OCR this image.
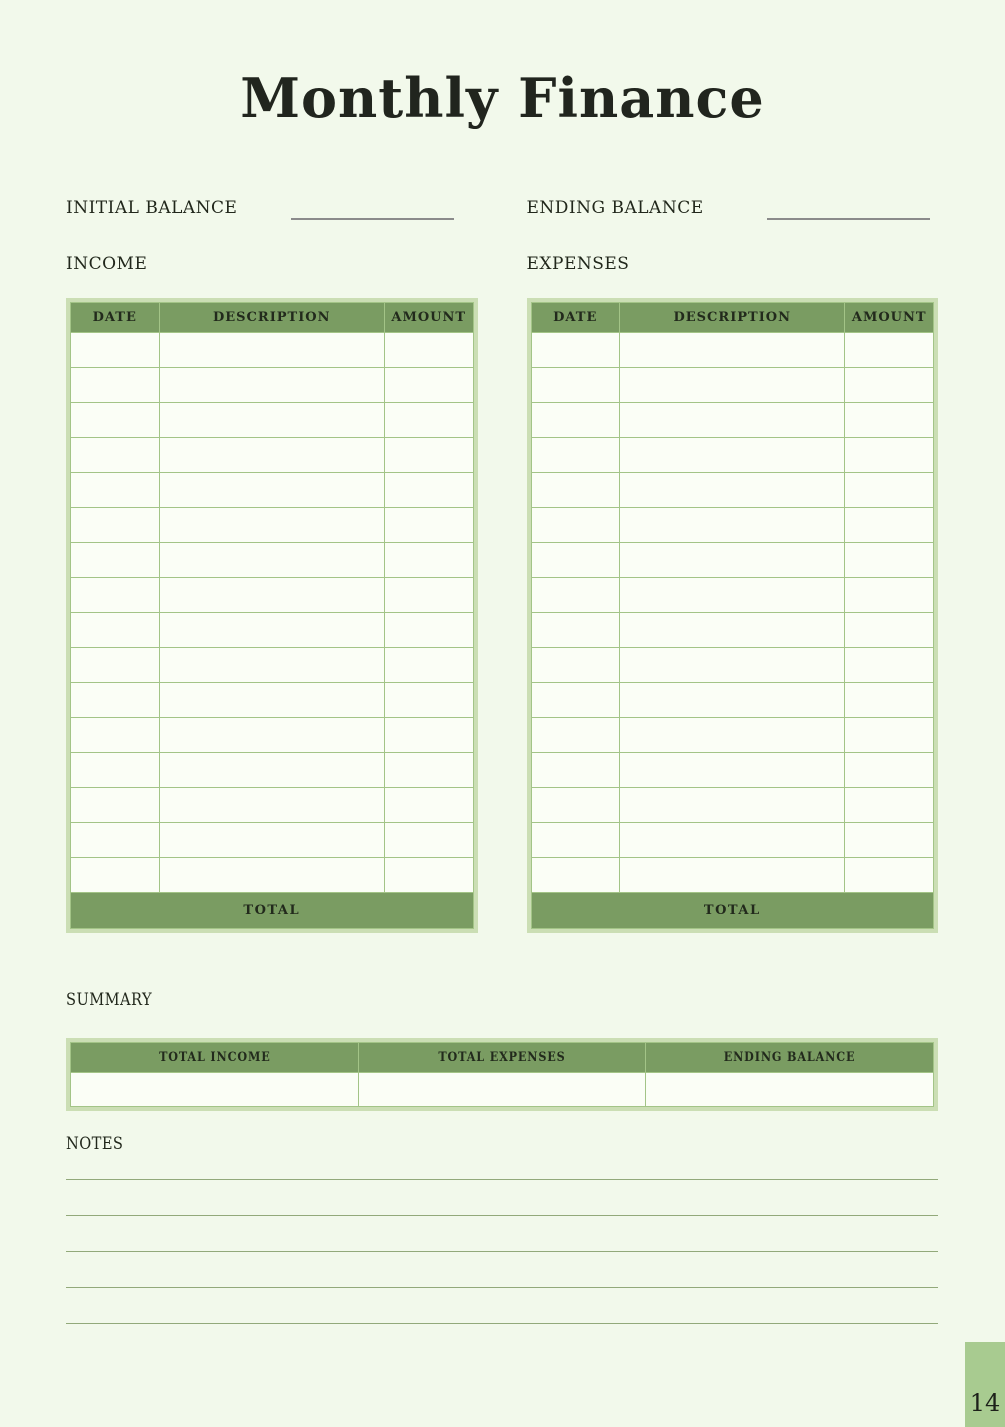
Monthly Finance
INITIAL BALANCE	ENDING BALANCE
INCOME
DATE	DESCRIPTION	AMOUNT

TOTAL		
EXPENSES
DATE	DESCRIPTION	AMOUNT

TOTAL		
SUMMARY
TOTAL INCOME	TOTAL EXPENSES	ENDING BALANCE

NOTES
14
